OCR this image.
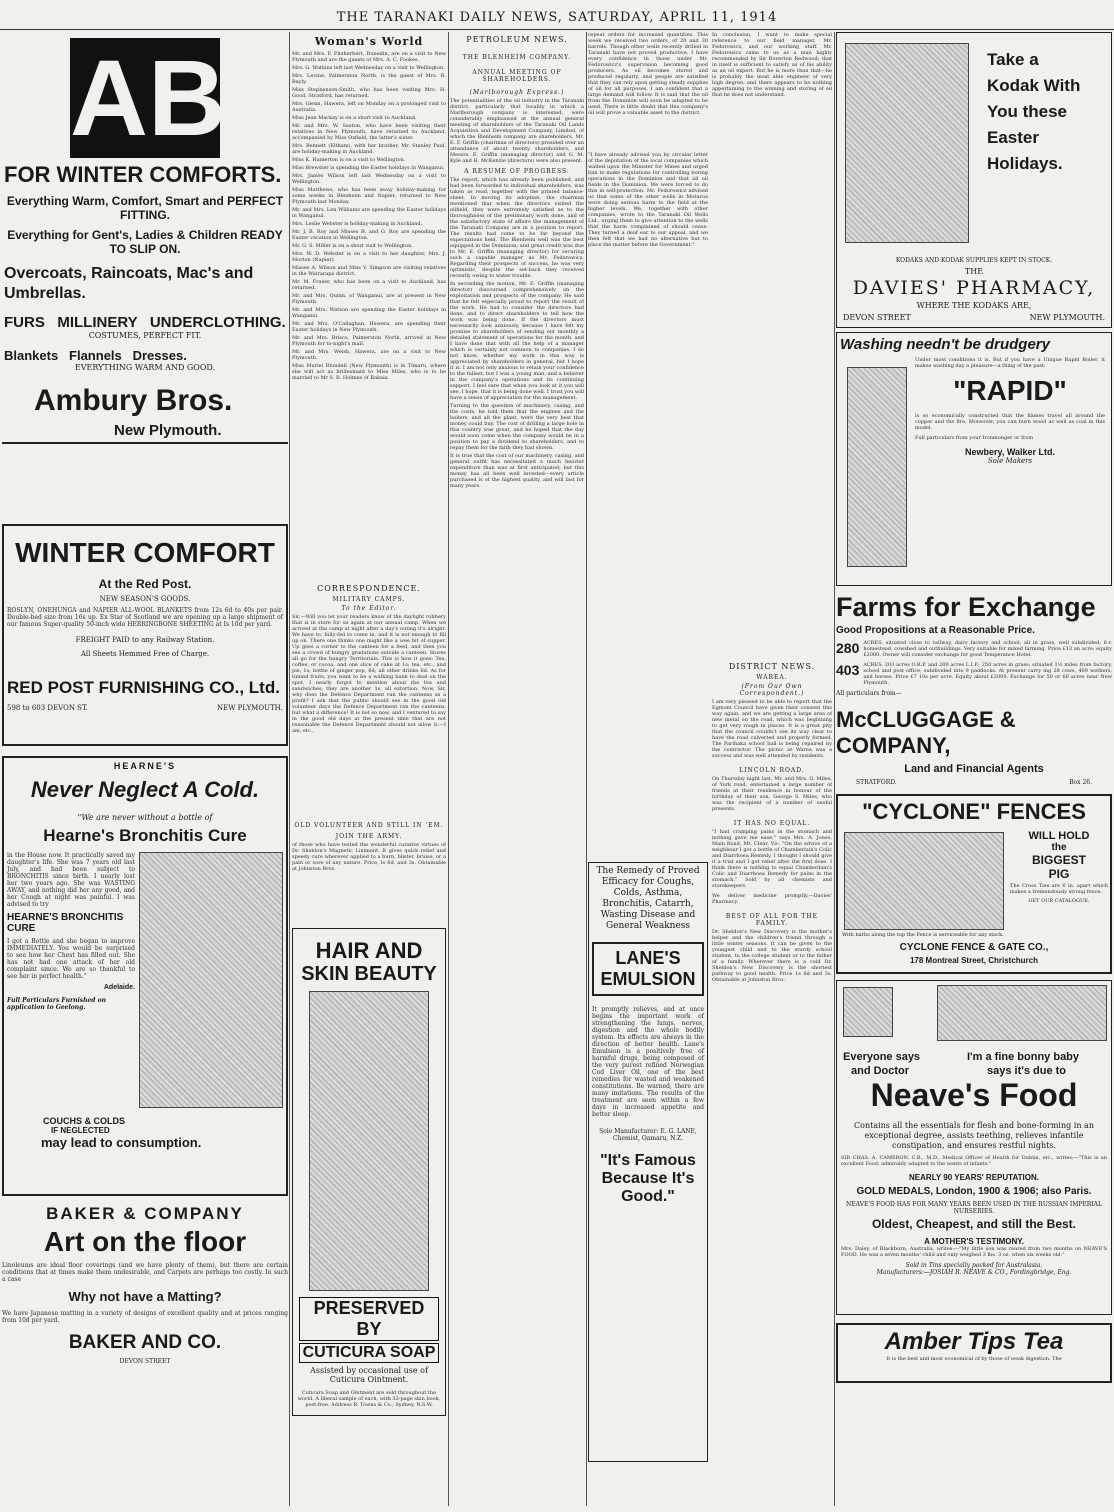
THE TARANAKI DAILY NEWS, SATURDAY, APRIL 11, 1914
AB
FOR WINTER COMFORTS.
Everything Warm, Comfort, Smart and PERFECT FITTING.
Everything for Gent's, Ladies & Children READY TO SLIP ON.
Overcoats, Raincoats, Mac's and Umbrellas.
FURS   MILLINERY   UNDERCLOTHING.
COSTUMES, PERFECT FIT.
Blankets   Flannels   Dresses.
EVERYTHING WARM AND GOOD.
Ambury Bros.
New Plymouth.
WINTER COMFORT
At the Red Post.
NEW SEASON'S GOODS.
ROSLYN, ONEHUNGA and NAPIER ALL-WOOL BLANKETS from 12s 6d to 40s per pair. Double-bed size from 16s up. Ex Star of Scotland we are opening up a large shipment of our famous Super-quality 50-inch wide HERRINGBONE SHEETING at Is 10d per yard.
FREIGHT PAID to any Railway Station.
All Sheets Hemmed Free of Charge.
RED POST FURNISHING CO., Ltd.
598 to 603 DEVON ST.	NEW PLYMOUTH.
HEARNE'S
Never Neglect A Cold.
"We are never without a bottle of
Hearne's Bronchitis Cure
in the House now. It practically saved my daughter's life. She was 7 years old last July, and had been subject to BRONCHITIS since birth. I nearly lost her two years ago. She was WASTING AWAY, and nothing did her any good, and her Cough at night was painful. I was advised to try
HEARNE'S BRONCHITIS CURE
I got a Bottle and she began to improve IMMEDIATELY. You would be surprised to see how her Chest has filled out. She has not had one attack of her old complaint since. We are so thankful to see her in perfect health."
Adelaide.
Full Particulars Furnished on application to Geelong.
COUCHS & COLDS
IF NEGLECTED
may lead to consumption.
BAKER & COMPANY
Art on the floor
Linoleums are ideal floor coverings (and we have plenty of them), but there are certain conditions that at times make them undesirable, and Carpets are perhaps too costly. In such a case
Why not have a Matting?
We have Japanese matting in a variety of designs of excellent quality and at prices ranging from 10d per yard.
BAKER AND CO.
DEVON STREET
Woman's World
Mr. and Mrs. F. Fitzherbert, Dunedin, are on a visit to New Plymouth and are the guests of Mrs. A. C. Fookes.
Mrs. G. Watkins left last Wednesday on a visit to Wellington.
Mrs. Levine, Palmerston North, is the guest of Mrs. R. Bayly.
Miss Stephenson-Smith, who has been visiting Mrs. H. Good, Stratford, has returned.
Mrs. Glenn, Hawera, left on Monday on a prolonged visit to Australia.
Miss Jean Mackay is on a short visit to Auckland.
Mr. and Mrs. W. Saxton, who have been visiting their relatives in New Plymouth, have returned to Auckland, accompanied by Miss Oxfield, the latter's sister.
Mrs. Bennett (Eltham), with her brother, Mr. Stanley Paul, are holiday-making in Auckland.
Miss K. Hamerton is on a visit to Wellington.
Miss Brewster is spending the Easter holidays in Wanganui.
Mrs. James Wilson left last Wednesday on a visit to Wellington.
Miss Matthews, who has been away holiday-making for some weeks in Blenheim and Napier, returned to New Plymouth last Monday.
Mr. and Mrs. Len Williams are spending the Easter holidays in Wanganui.
Mrs. Leslie Webster is holiday-making in Auckland.
Mr. J. B. Roy and Misses B. and G. Roy are spending the Easter vacation in Wellington.
Mr. G. S. Miller is on a short visit to Wellington.
Mrs. W. D. Webster is on a visit to her daughter, Mrs. J. Morton (Napier).
Misses A. Wilson and Miss V. Simpson are visiting relatives in the Wairarapa district.
Mr. M. Fraser, who has been on a visit to Auckland, has returned.
Mr. and Mrs. Quinn, of Wanganui, are at present in New Plymouth.
Mr. and Mrs. Watson are spending the Easter holidays in Wanganui.
Mr. and Mrs. O'Callaghan, Hawera, are spending their Easter holidays in New Plymouth.
Mr. and Mrs. Brisco, Palmerston North, arrived in New Plymouth for to-night's mail.
Mr. and Mrs. Welsh, Hawera, are on a visit to New Plymouth.
Miss Muriel Blundell (New Plymouth) is in Timaru, where she will act as bridesmaid to Miss Miles, who is to be married to Mr S. R. Holmes of Rakaia.
CORRESPONDENCE.
MILITARY CAMPS.
To the Editor.
Sir,—Will you let your readers know of the daylight robbery that is in store for us again at our annual camp. When we arrived at the camp at night after a day's outing it's alright. We have to, fully-fed to come in, and it is not enough to fill up on. There one thinks one might like a wee bit of supper. Up goes a corner to the canteen for a feed, and then you see a crowd of hungry gradations outside a canteen. Stores all go for the hungry Territorials. This is how it goes: Tea, coffee, or cocoa, and one slice of cake at 1s; tea, etc., and pie, 1s; bottle of ginger pop, 6d; all other drinks 6d. As for tinned fruits, you want to be a walking bank to deal on the spot. I nearly forgot to mention about the tea and sandwiches; they are another 1s, all extortion. Now, Sir, why does the Defence Department run the canteens as a profit? I ask that the public should see in the good old volunteer days the Defence Department ran the canteens, but what a difference! It is not so now, and I ventured to say in the good old days at the present time that are not reasonable the Defence Department should not allow it.—I am, etc.,
OLD VOLUNTEER AND STILL IN 'EM.
JOIN THE ARMY.
of those who have tested the wonderful curative virtues of Dr. Sheldon's Magnetic Liniment. It gives quick relief and speedy cure wherever applied to a burn, blister, bruise, or a pain or sore of any nature. Price, Is 6d, and 3s. Obtainable at Johnston Bros.
HAIR AND
SKIN BEAUTY
PRESERVED BY
CUTICURA SOAP
Assisted by occasional use of Cuticura Ointment.
Cuticura Soap and Ointment are sold throughout the world. A liberal sample of each, with 32-page skin book, post-free. Address R. Towns & Co., Sydney, N.S.W.
PETROLEUM NEWS.
THE BLENHEIM COMPANY.
ANNUAL MEETING OF SHAREHOLDERS.
(Marlborough Express.)
The potentialities of the oil industry in the Taranaki district, particularly that locality in which a Marlborough company is interested, were considerably emphasised at the annual general meeting of shareholders of the Taranaki Oil Lands Acquisition and Development Company, Limited, of which the Blenheim company are shareholders. Mr. E. F. Griffin (chairman of directors) presided over an attendance of about twenty shareholders, and Messrs. E. Griffin (managing director) and G. M. Kyle and H. McKenzie (directors) were also present.
A RESUME OF PROGRESS.
The report, which has already been published, and had been forwarded to individual shareholders, was taken as read, together with the printed balance-sheet. In moving its adoption, the chairman mentioned that when the directors visited the oilfield, they were extremely satisfied as to the thoroughness of the preliminary work done, and of the satisfactory state of affairs the management of the Taranaki Company are in a position to report. The results had come to be far beyond the expectations held. The Blenheim well was the best equipped in the Dominion, and great credit was due to Mr. E. Griffin (managing director) for securing such a capable manager as Mr. Fedorowicz. Regarding their prospects of success, he was very optimistic, despite the set-back they received recently owing to water trouble.
In seconding the motion, Mr. E. Griffin (managing director) discoursed comprehensively on the exploitation and prospects of the company. He said that he felt especially proud to report the result of the work. He had to consider the directors had done, and to direct shareholders to tell how the work was being done. If the directors must necessarily look anxiously, because I have felt my promise to shareholders of sending out monthly a detailed statement of operations for the month, and I have done that with all the help of a manager which is certainly not common to companies. I do not know, whether my work in this way is appreciated by shareholders in general, but I hope it is. I am not only anxious to retain your confidence to the fullest, but I was a young man, and a believer in the company's operations and its continuing support. I feel sure that when you look at it you will see, I hope, that it is being done well. I trust you will have a sense of appreciation for the management.
Turning to the question of machinery, casing, and the costs, he told them that the engines and the boilers, and all the plant, were the very best that money could buy. The cost of drilling a large hole in this country was great, and he hoped that the day would soon come when the company would be in a position to pay a dividend to shareholders, and to repay them for the faith they had shown.
It is true that the cost of our machinery, casing, and general outfit has necessitated a much heavier expenditure than was at first anticipated; but this money has all been well invested—every article purchased is of the highest quality, and will last for many years.
repeat orders for increased quantities. This week we received two orders, of 20 and 30 barrels. Though other wells recently drilled in Taranaki have not proved productive, I have every confidence in those under Mr. Fedorowicz's supervision becoming good producers. As oil becomes stored and produced regularly, and people are satisfied that they can rely upon getting steady supplies of oil for all purposes, I am confident that a large demand will follow. It is said that the oil from the Dominion will soon be adapted to be used. There is little doubt that this company's oil will prove a valuable asset to the district.
In conclusion, I want to make special reference to our field manager, Mr. Fedorowicz, and our working staff. Mr. Fedorowicz came to us as a man highly recommended by Sir Boverton Redwood; that in itself is sufficient to satisfy us of his ability as an oil expert. But he is more than that—he is probably the most able engineer of very high degree, and there appears to be nothing appertaining to the winning and storing of oil that he does not understand.
"I have already advised you by circular letter of the deputation of the local companies which waited upon the Minister for Mines and urged him to make regulations for controlling boring operations in the Dominion and that all oil fields in the Dominion. We were forced to do this in self-protection. Mr. Fedorowicz advised us that some of the other wells in Moturoa were doing serious harm to the field at the higher levels. We, together with other companies, wrote to the Taranaki Oil Wells Ltd., urging them to give attention to the wells that the harm complained of should cease. They turned a deaf ear to our appeal, and we then felt that we had no alternative but to place the matter before the Government."
The Remedy of Proved Efficacy for Coughs, Colds, Asthma, Bronchitis, Catarrh, Wasting Disease and General Weakness
LANE'S EMULSION
It promptly relieves, and at once begins the important work of strengthening the lungs, nerves, digestion and the whole bodily system. Its effects are always in the direction of better health. Lane's Emulsion is a positively free of harmful drugs, being composed of the very purest refined Norwegian Cod Liver Oil, one of the best remedies for wasted and weakened constitutions. Be warned, there are many imitations. The results of the treatment are seen within a few days in increased appetite and better sleep.
Sole Manufacturer: E. G. LANE, Chemist, Oamaru, N.Z.
"It's Famous Because It's Good."
DISTRICT NEWS.
WAREA.
(From Our Own Correspondent.)
I am very pleased to be able to report that the Egmont Council have given their consent this way again, and we are getting a large area of new metal on the road, which was beginning to get very rough in places. It is a great pity that the council couldn't see its way clear to have the road culverted and properly formed. The Parihaka school hall is being repaired by the contractor. The picnic at Warea was a success and was well attended by residents.
LINCOLN ROAD.
On Thursday night last, Mr. and Mrs. G. Miles, of York road, entertained a large number of friends at their residence in honour of the birthday of their son, George S. Miles, who was the recipient of a number of useful presents.
IT HAS NO EQUAL.
"I had cramping pains in the stomach and nothing gave me ease," says Mrs. A. Jones, Main Road, Mt. Clear, Vic. "On the advice of a neighbour I got a bottle of Chamberlain's Colic and Diarrhoea Remedy. I thought I should give it a trial and I got relief after the first dose. I think there is nothing to equal Chamberlain's Colic and Diarrhoea Remedy for pains in the stomach." Sold by all chemists and storekeepers.
We deliver medicine promptly.—Davies' Pharmacy.
BEST OF ALL FOR THE FAMILY.
Dr. Sheldon's New Discovery is the mother's helper and the children's friend through a little winter seasons. It can be given to the youngest child and to the sturdy school student, to the college student or to the father of a family. Wherever there is a cold Dr. Sheldon's New Discovery is the shortest pathway to good health. Price 1s 6d and 3s. Obtainable at Johnston Bros.
Take a
Kodak With
You these
Easter
Holidays.
KODAKS AND KODAK SUPPLIES KEPT IN STOCK.
THE
DAVIES' PHARMACY,
WHERE THE KODAKS ARE,
DEVON STREET	NEW PLYMOUTH.
Washing needn't be drudgery
Under most conditions it is. But if you have a Unique Rapid Boiler, it makes washing day a pleasure—a thing of the past.
"RAPID"
is so economically constructed that the flames travel all around the copper and the fire, Moreover, you can burn wood as well as coal in this model.
Full particulars from your Ironmonger or from
Newbery, Walker Ltd.
Sole Makers
Farms for Exchange
Good Propositions at a Reasonable Price.
280 ACRES, situated close to railway, dairy factory and school; all in grass, well subdivided; 6-r. homestead, cowshed and outbuildings. Very suitable for mixed farming. Price £13 an acre; equity £2000. Owner will consider exchange for good Temperance Hotel.
403 ACRES, 203 acres O.R.P. and 200 acres L.I.P.; 250 acres in grass; situated 1½ miles from factory, school and post office; subdivided into 9 paddocks. At present carry ing 28 cows, 400 wethers, and horses. Price £7 10s per acre. Equity about £2000. Exchange for 50 or 60 acres near New Plymouth.
All particulars from—
McCLUGGAGE & COMPANY,
Land and Financial Agents
STRATFORD.	Box 26.
"CYCLONE" FENCES
WILL HOLD
the
BIGGEST
PIG
The Cross Ties are 6 in. apart which makes a tremendously strong fence.
GET OUR CATALOGUE.
With barbs along the top the Fence is serviceable for any stock.
CYCLONE FENCE & GATE CO.,
178 Montreal Street, Christchurch
Everyone says
and Doctor
I'm a fine bonny baby
says it's due to
Neave's Food
Contains all the essentials for flesh and bone-forming in an exceptional degree, assists teething, relieves infantile constipation, and ensures restful nights.
SIR CHAS. A. CAMERON, C.B., M.D., Medical Officer of Health for Dublin, etc., writes:—"This is an excellent Food, admirably adapted to the wants of infants."
NEARLY 90 YEARS' REPUTATION.
GOLD MEDALS, London, 1900 & 1906; also Paris.
NEAVE'S FOOD HAS FOR MANY YEARS BEEN USED IN THE RUSSIAN IMPERIAL NURSERIES.
Oldest, Cheapest, and still the Best.
A MOTHER'S TESTIMONY.
Mrs. Daley, of Blackburn, Australia, writes:—"My little son was reared from two months on NEAVE'S FOOD. He was a seven months' child and only weighed 3 lbs. 3 oz. when six weeks old."
Sold in Tins specially packed for Australasia.
Manufacturers:—JOSIAH R. NEAVE & CO., Fordingbridge, Eng.
Amber Tips Tea
It is the best and most economical of by those of weak digestion. The
